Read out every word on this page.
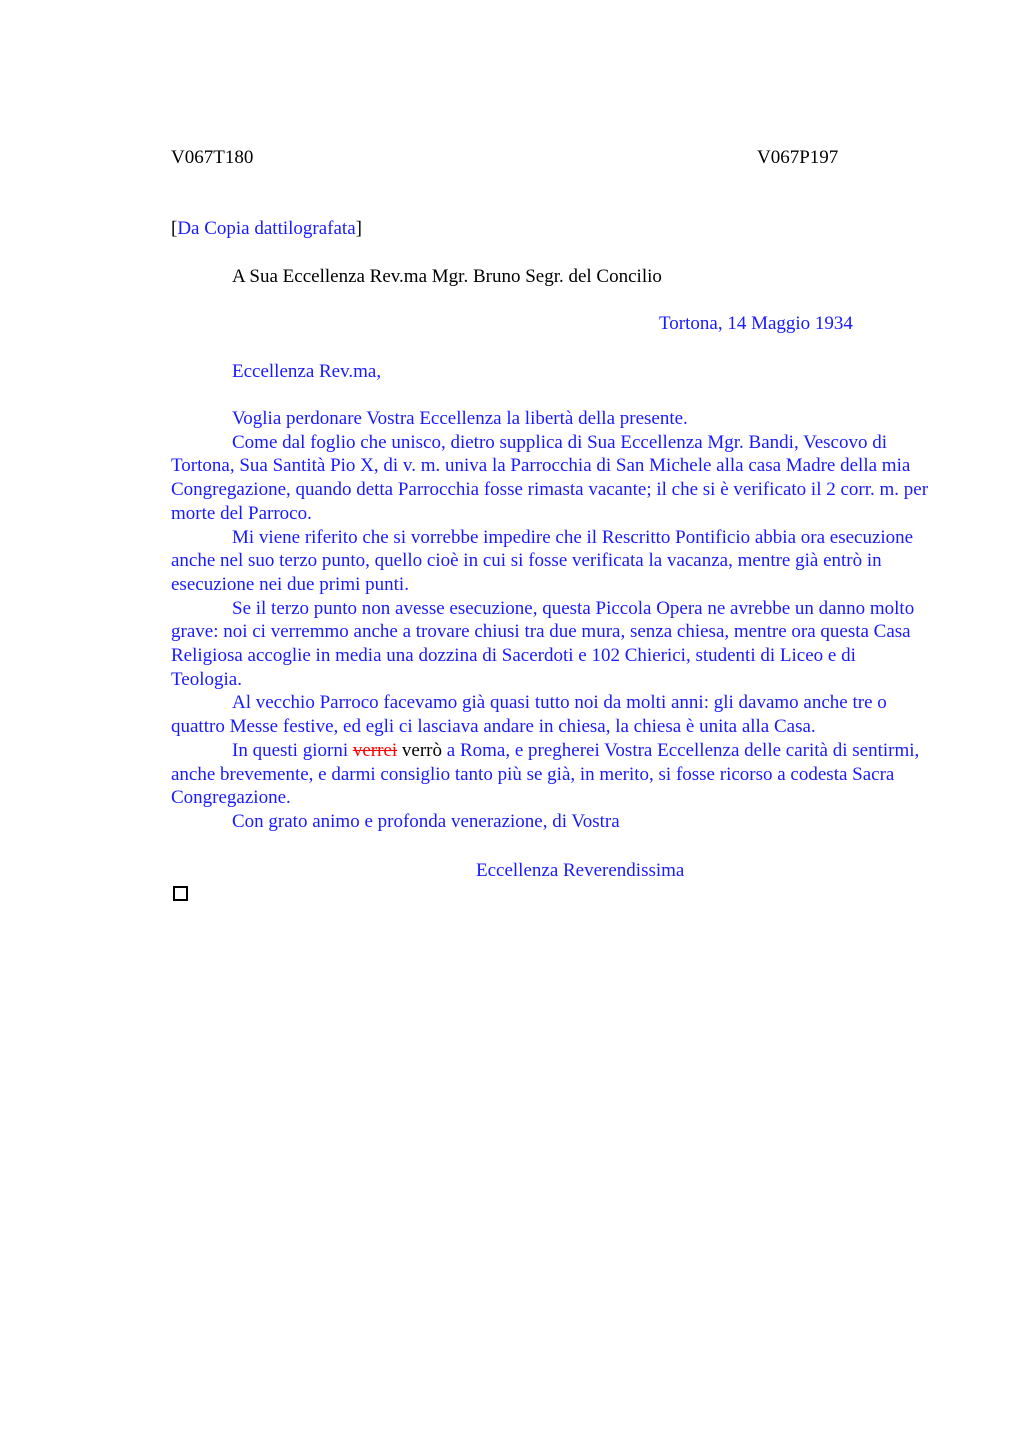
V067T180	V067P197
[Da Copia dattilografata]
A Sua Eccellenza Rev.ma Mgr. Bruno Segr. del Concilio
Tortona, 14 Maggio 1934
Eccellenza Rev.ma,

Voglia perdonare Vostra Eccellenza la libertà della presente.

Come dal foglio che unisco, dietro supplica di Sua Eccellenza Mgr. Bandi, Vescovo di Tortona, Sua Santità Pio X, di v. m. univa la Parrocchia di San Michele alla casa Madre della mia Congregazione, quando detta Parrocchia fosse rimasta vacante; il che si è verificato il 2 corr. m. per morte del Parroco.

Mi viene riferito che si vorrebbe impedire che il Rescritto Pontificio abbia ora esecuzione anche nel suo terzo punto, quello cioè in cui si fosse verificata la vacanza, mentre già entrò in esecuzione nei due primi punti.

Se il terzo punto non avesse esecuzione, questa Piccola Opera ne avrebbe un danno molto grave: noi ci verremmo anche a trovare chiusi tra due mura, senza chiesa, mentre ora questa Casa Religiosa accoglie in media una dozzina di Sacerdoti e 102 Chierici, studenti di Liceo e di Teologia.

Al vecchio Parroco facevamo già quasi tutto noi da molti anni: gli davamo anche tre o quattro Messe festive, ed egli ci lasciava andare in chiesa, la chiesa è unita alla Casa.

In questi giorni verrei verrò a Roma, e pregherei Vostra Eccellenza delle carità di sentirmi, anche brevemente, e darmi consiglio tanto più se già, in merito, si fosse ricorso a codesta Sacra Congregazione.

Con grato animo e profonda venerazione, di Vostra

Eccellenza Reverendissima
